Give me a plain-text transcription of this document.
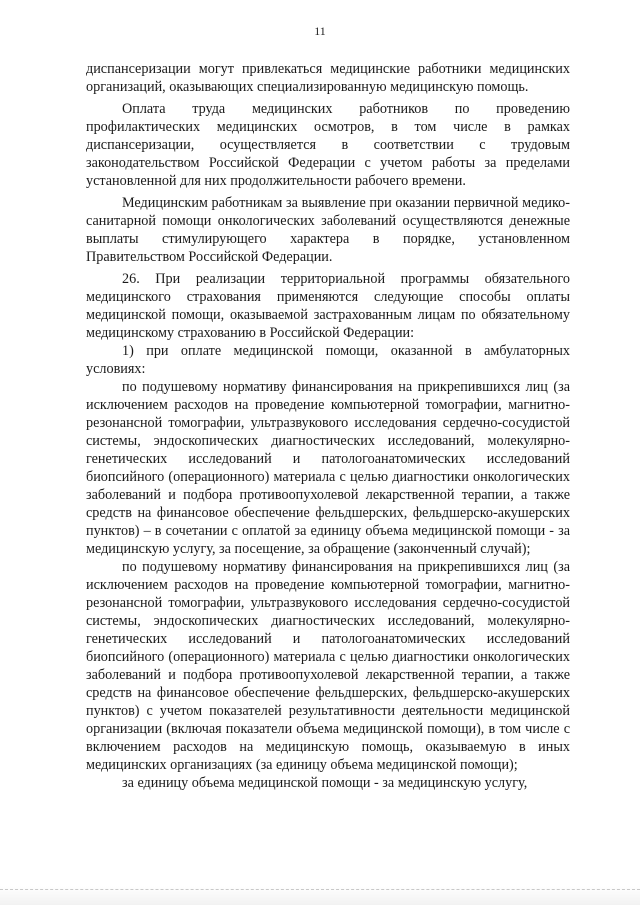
11

диспансеризации могут привлекаться медицинские работники медицинских организаций, оказывающих специализированную медицинскую помощь.

Оплата труда медицинских работников по проведению профилактических медицинских осмотров, в том числе в рамках диспансеризации, осуществляется в соответствии с трудовым законодательством Российской Федерации с учетом работы за пределами установленной для них продолжительности рабочего времени.

Медицинским работникам за выявление при оказании первичной медико-санитарной помощи онкологических заболеваний осуществляются денежные выплаты стимулирующего характера в порядке, установленном Правительством Российской Федерации.

26. При реализации территориальной программы обязательного медицинского страхования применяются следующие способы оплаты медицинской помощи, оказываемой застрахованным лицам по обязательному медицинскому страхованию в Российской Федерации:

1) при оплате медицинской помощи, оказанной в амбулаторных условиях:

по подушевому нормативу финансирования на прикрепившихся лиц (за исключением расходов на проведение компьютерной томографии, магнитно-резонансной томографии, ультразвукового исследования сердечно-сосудистой системы, эндоскопических диагностических исследований, молекулярно-генетических исследований и патологоанатомических исследований биопсийного (операционного) материала с целью диагностики онкологических заболеваний и подбора противоопухолевой лекарственной терапии, а также средств на финансовое обеспечение фельдшерских, фельдшерско-акушерских пунктов) – в сочетании с оплатой за единицу объема медицинской помощи - за медицинскую услугу, за посещение, за обращение (законченный случай);

по подушевому нормативу финансирования на прикрепившихся лиц (за исключением расходов на проведение компьютерной томографии, магнитно-резонансной томографии, ультразвукового исследования сердечно-сосудистой системы, эндоскопических диагностических исследований, молекулярно-генетических исследований и патологоанатомических исследований биопсийного (операционного) материала с целью диагностики онкологических заболеваний и подбора противоопухолевой лекарственной терапии, а также средств на финансовое обеспечение фельдшерских, фельдшерско-акушерских пунктов) с учетом показателей результативности деятельности медицинской организации (включая показатели объема медицинской помощи), в том числе с включением расходов на медицинскую помощь, оказываемую в иных медицинских организациях (за единицу объема медицинской помощи);

за единицу объема медицинской помощи - за медицинскую услугу,
